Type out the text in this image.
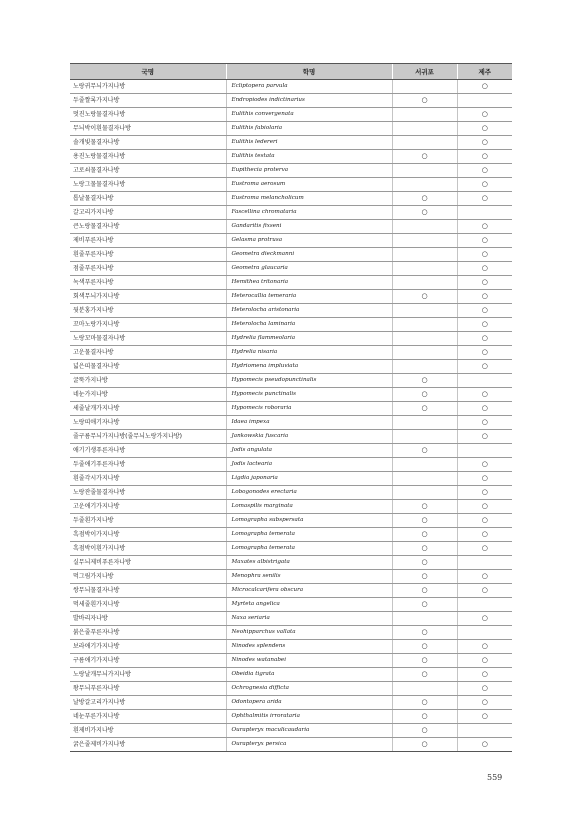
국명	학명	서귀포	제주
노랑귀무늬가지나방	Ecliptopera parvula		○
두줄짤록가지나방	Endropiodes indictinarius	○	
멋진노랑물결자나방	Eulithis convergenata		○
무늬박이흰물결자나방	Eulithis fabiolaria		○
솔개빛물결자나방	Eulithis ledereri		○
용진노랑물결자나방	Eulithis testata	○	○
고로쇠물결자나방	Eupithecia proterva		○
노랑그물물결자나방	Eustroma aerosum		○
톱날물결자나방	Eustroma melancholicum	○	○
갈고리가지나방	Fascellina chromataria	○	
큰노랑물결자나방	Gandaritis fixseni		○
제비푸른자나방	Gelasma protrusa		○
흰줄푸른자나방	Geometra dieckmanni		○
점줄푸른자나방	Geometra glaucaria		○
녹색푸른자나방	Hemithea tritonaria		○
회색무늬가지나방	Heterocallia temeraria	○	○
뒷분홍가지나방	Heterolocha aristonaria		○
꼬마노랑가지나방	Heterolocha laminaria		○
노랑꼬마물결자나방	Hydrelia flammeolaria		○
고운물결자나방	Hydrelia nisaria		○
넓은띠물결자나방	Hydriomena impluviata		○
굴뚝가지나방	Hypomecis pseudopunctinalis	○	
네눈가지나방	Hypomecis punctinalis	○	○
세줄날개가지나방	Hypomecis roboraria	○	○
노랑띠애기자나방	Idaea impexa		○
줄구름무늬가지나방(줄무늬노랑가지나방)	Jankowskia fuscaria		○
애기기생푸른자나방	Jodis angulata	○	
두줄애기푸른자나방	Jodis lactearia		○
흰줄각시가지나방	Ligdia japonaria		○
노랑잔줄물결자나방	Lobogonodes erectaria		○
고운애기가지나방	Lomaspilis marginata	○	○
두줄흰가지나방	Lomographa subspersata	○	○
흑점박이가지나방	Lomographa temerata	○	○
흑점박이흰가지나방	Lomographa temerata	○	○
실무늬제비푸른자나방	Maxates albistrigata	○	
먹그림가지나방	Menophra senilis	○	○
쌍무늬물결자나방	Microcalcarifera obscura	○	○
먹세줄흰가지나방	Myrteta angelica	○	
발바리자나방	Naxa seriaria		○
붉은줄푸른자나방	Neohipparchus vallata	○	
보라애기가지나방	Ninodes splendens	○	○
구름애기가지나방	Ninodes watanabei	○	○
노랑날개무늬가지나방	Obeidia tigrata	○	○
왕무늬푸른자나방	Ochrognesia difficta		○
날방갈고리가지나방	Odontopera arida	○	○
네눈푸른가지나방	Ophthalmitis irrorataria	○	○
흰제비가지나방	Ourapteryx maculicaudaria	○	
굵은줄제비가지나방	Ourapteryx persica	○	○
559
